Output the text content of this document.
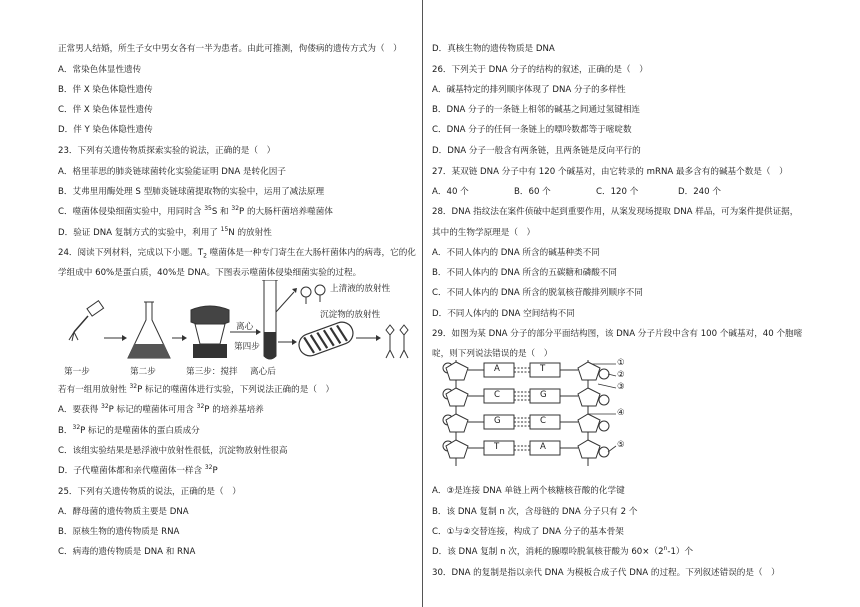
正常男人结婚，所生子女中男女各有一半为患者。由此可推测，佝偻病的遗传方式为（　）
A．常染色体显性遗传
B．伴 X 染色体隐性遗传
C．伴 X 染色体显性遗传
D．伴 Y 染色体隐性遗传
23．下列有关遗传物质探索实验的说法，正确的是（　）
A．格里菲思的肺炎链球菌转化实验能证明 DNA 是转化因子
B．艾弗里用酶处理 S 型肺炎链球菌提取物的实验中，运用了减法原理
C．噬菌体侵染细菌实验中，用同时含 $^{35}$S 和 $^{32}$P 的大肠杆菌培养噬菌体
D．验证 DNA 复制方式的实验中，利用了 $^{15}$N 的放射性
24．阅读下列材料，完成以下小题。$T_2$ 噬菌体是一种专门寄生在大肠杆菌体内的病毒，它的化
学组成中 60%是蛋白质，40%是 DNA。下图表示噬菌体侵染细菌实验的过程。
第一步	第二步	第三步：搅拌
第四步
离心
离心后
上清液的放射性
沉淀物的放射性
若有一组用放射性 $^{32}$P 标记的噬菌体进行实验，下列说法正确的是（　）
A．要获得 $^{32}$P 标记的噬菌体可用含 $^{32}$P 的培养基培养
B．$^{32}$P 标记的是噬菌体的蛋白质成分
C．该组实验结果是悬浮液中放射性很低，沉淀物放射性很高
D．子代噬菌体都和亲代噬菌体一样含 $^{32}$P
25．下列有关遗传物质的说法，正确的是（　）
A．酵母菌的遗传物质主要是 DNA
B．原核生物的遗传物质是 RNA
C．病毒的遗传物质是 DNA 和 RNA
D．真核生物的遗传物质是 DNA
26．下列关于 DNA 分子的结构的叙述，正确的是（　）
A．碱基特定的排列顺序体现了 DNA 分子的多样性
B．DNA 分子的一条链上相邻的碱基之间通过氢键相连
C．DNA 分子的任何一条链上的嘌呤数都等于嘧啶数
D．DNA 分子一般含有两条链，且两条链是反向平行的
27．某双链 DNA 分子中有 120 个碱基对，由它转录的 mRNA 最多含有的碱基个数是（　）
A．40 个	B．60 个	C．120 个	D．240 个
28．DNA 指纹法在案件侦破中起到重要作用，从案发现场提取 DNA 样品，可为案件提供证据，
其中的生物学原理是（　）
A．不同人体内的 DNA 所含的碱基种类不同
B．不同人体内的 DNA 所含的五碳糖和磷酸不同
C．不同人体内的 DNA 所含的脱氧核苷酸排列顺序不同
D．不同人体内的 DNA 空间结构不同
29．如图为某 DNA 分子的部分平面结构图，该 DNA 分子片段中含有 100 个碱基对，40 个胞嘧
啶，则下列说法错误的是（　）
A
C
G
T
T
G
C
A
①
②
③
④
⑤
A．③是连接 DNA 单链上两个核糖核苷酸的化学键
B．该 DNA 复制 n 次，含母链的 DNA 分子只有 2 个
C．①与②交替连接，构成了 DNA 分子的基本骨架
D．该 DNA 复制 n 次，消耗的腺嘌呤脱氧核苷酸为 $60\times(2^n-1)$个
30．DNA 的复制是指以亲代 DNA 为模板合成子代 DNA 的过程。下列叙述错误的是（　）
